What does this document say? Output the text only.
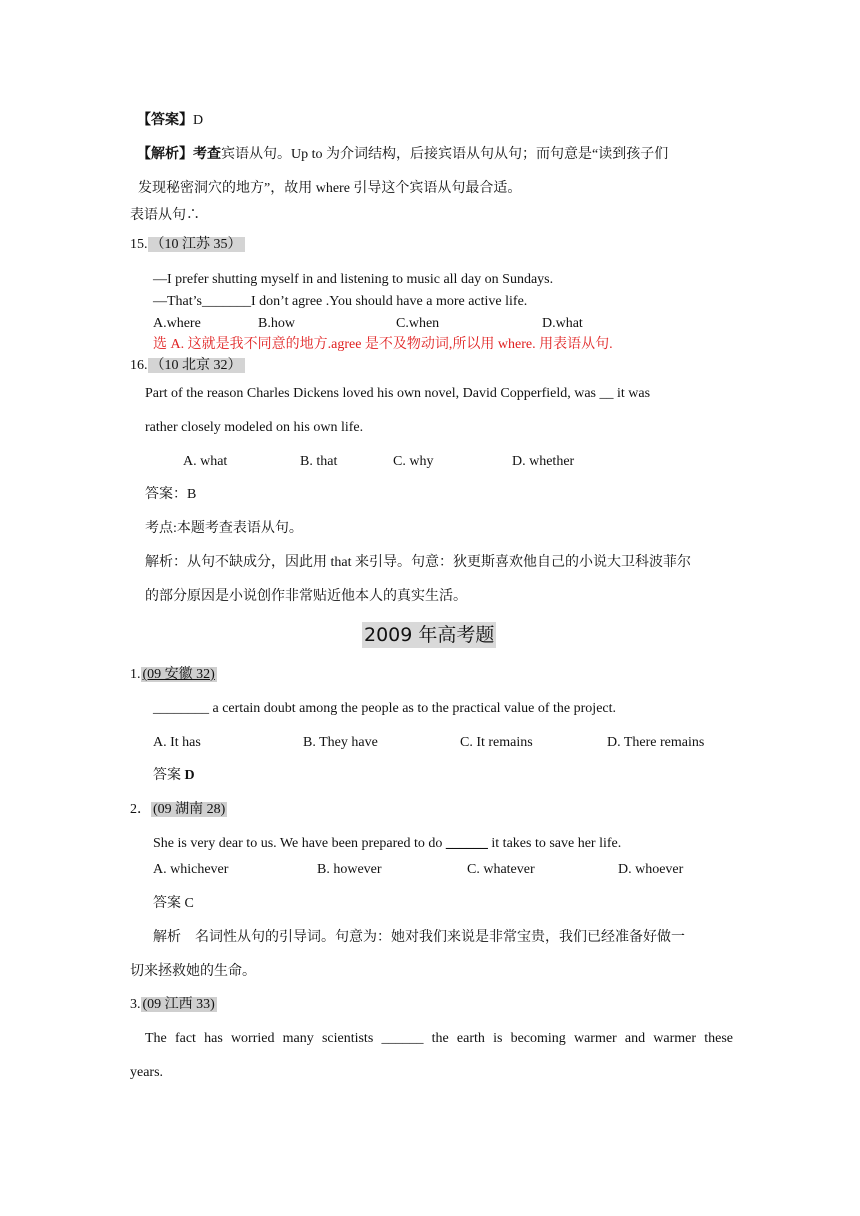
【答案】D
【解析】考查宾语从句。Up to 为介词结构，后接宾语从句从句；而句意是“读到孩子们
发现秘密洞穴的地方”，故用 where 引导这个宾语从句最合适。
表语从句∴
15. （10 江苏 35）
—I prefer shutting myself in and listening to music all day on Sundays.
—That’s_______I don’t agree .You should have a more active life.
A.where	B.how	C.when	D.what
选 A. 这就是我不同意的地方.agree 是不及物动词,所以用 where. 用表语从句.
16. （10 北京 32）
Part of the reason Charles Dickens loved his own novel, David Copperfield, was __ it was
rather closely modeled on his own life.
A. what	B. that	C. why	D. whether
答案：B
考点:本题考查表语从句。
解析：从句不缺成分，因此用 that 来引导。句意：狄更斯喜欢他自己的小说大卫科波菲尔
的部分原因是小说创作非常贴近他本人的真实生活。
2009 年高考题
1. (09 安徽 32)
________ a certain doubt among the people as to the practical value of the project.
A. It has	B. They have	C. It remains	D. There remains
答案 D
2． (09 湖南 28)
She is very dear to us. We have been prepared to do ______ it takes to save her life.
A. whichever	B. however	C. whatever	D. whoever
答案 C
解析 名词性从句的引导词。句意为：她对我们来说是非常宝贵，我们已经准备好做一
切来拯救她的生命。
3. (09 江西 33)
The fact has worried many scientists ______ the earth is becoming warmer and warmer these
years.
